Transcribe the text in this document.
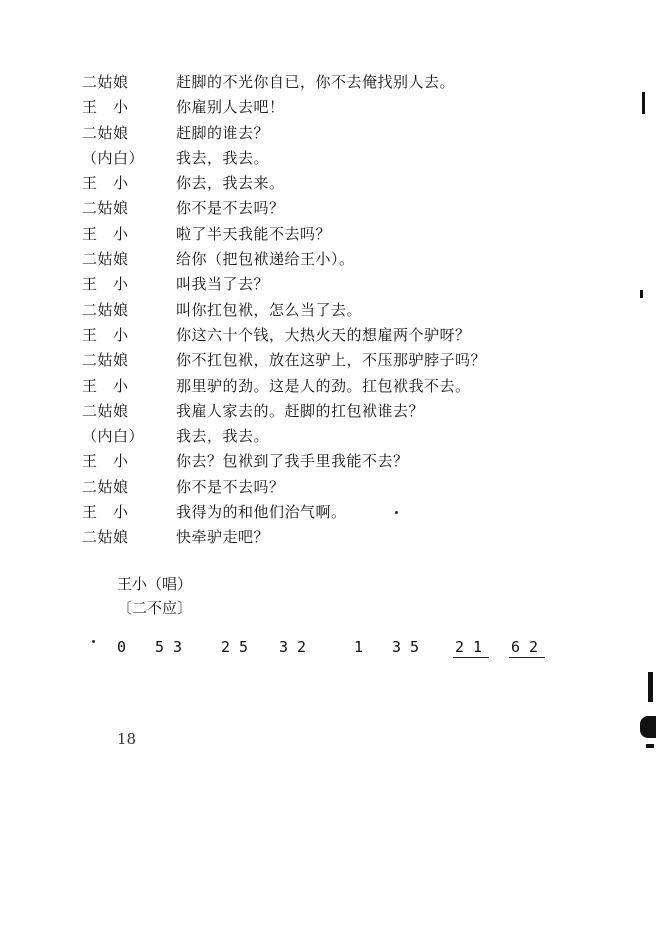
二姑娘	赶脚的不光你自已，你不去俺找别人去。
王　小	你雇别人去吧！
二姑娘	赶脚的谁去？
（内白）	我去，我去。
王　小	你去，我去来。
二姑娘	你不是不去吗？
王　小	啦了半天我能不去吗？
二姑娘	给你（把包袱递给王小）。
王　小	叫我当了去？
二姑娘	叫你扛包袱，怎么当了去。
王　小	你这六十个钱，大热火天的想雇两个驴呀？
二姑娘	你不扛包袱，放在这驴上，不压那驴脖子吗？
王　小	那里驴的劲。这是人的劲。扛包袱我不去。
二姑娘	我雇人家去的。赶脚的扛包袱谁去？
（内白）	我去，我去。
王　小	你去？包袱到了我手里我能不去？
二姑娘	你不是不去吗？
王　小	我得为的和他们治气啊。
二姑娘	快牵驴走吧？
王小（唱）
〔二不应〕
0 5 3	2 5 3 2	1 3 5 2 1 6 2
18
